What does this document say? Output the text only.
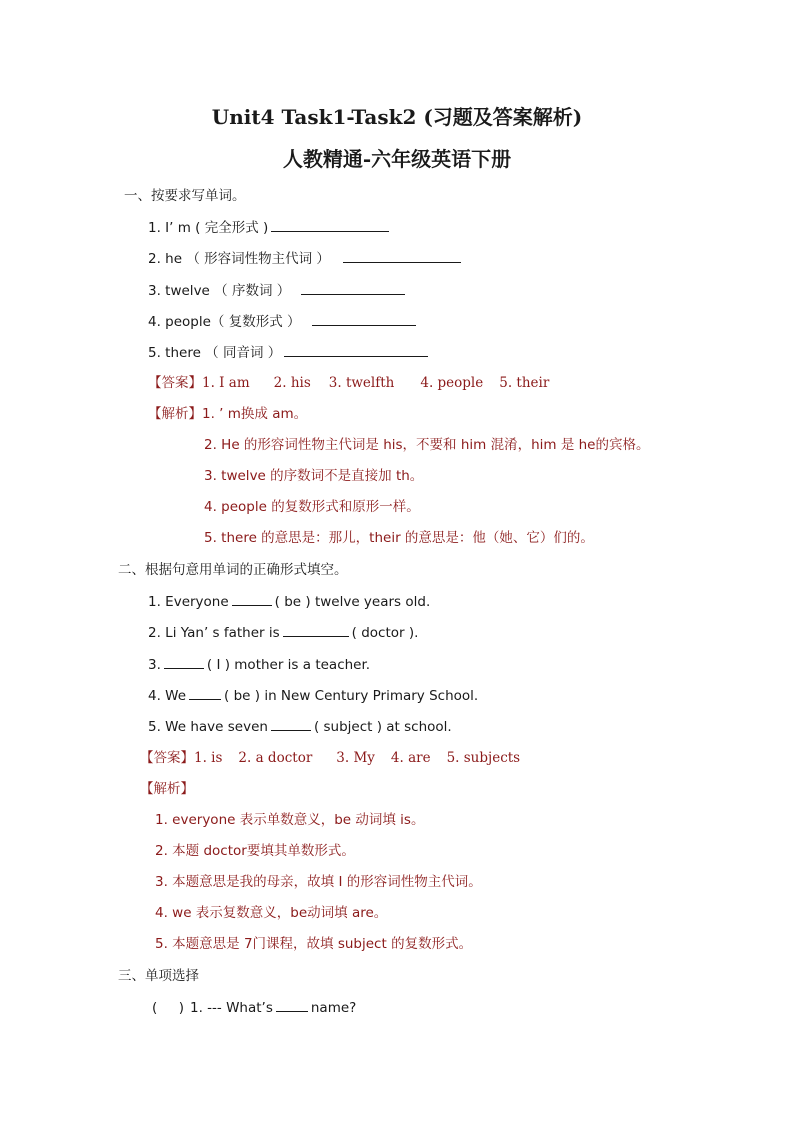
Unit4 Task1-Task2 (习题及答案解析)
人教精通-六年级英语下册
一、按要求写单词。
1. I’ m ( 完全形式 )
2. he （ 形容词性物主代词 ）
3. twelve （ 序数词 ）
4. people（ 复数形式 ）
5. there （ 同音词 ）
【答案】1. I am 2. his 3. twelfth 4. people 5. their
【解析】1. ’ m换成 am。
2. He 的形容词性物主代词是 his，不要和 him 混淆，him 是 he的宾格。
3. twelve 的序数词不是直接加 th。
4. people 的复数形式和原形一样。
5. there 的意思是：那儿，their 的意思是：他（她、它）们的。
二、根据句意用单词的正确形式填空。
1. Everyone	( be ) twelve years old.
2. Li Yan’ s father is	( doctor ).
3.	( I ) mother is a teacher.
4. We	( be ) in New Century Primary School.
5. We have seven	( subject ) at school.
【答案】1. is 2. a doctor 3. My 4. are 5. subjects
【解析】
1. everyone 表示单数意义，be 动词填 is。
2. 本题 doctor要填其单数形式。
3. 本题意思是我的母亲，故填 I 的形容词性物主代词。
4. we 表示复数意义，be动词填 are。
5. 本题意思是 7门课程，故填 subject 的复数形式。
三、单项选择
(     ) 1. --- What’s	name?
